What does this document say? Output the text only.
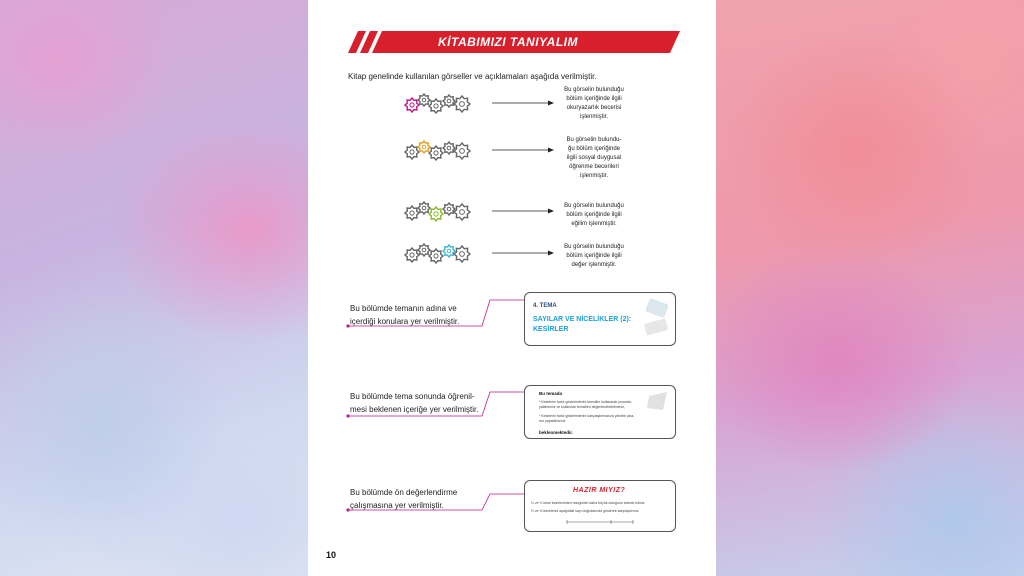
KİTABIMIZI TANIYALIM
Kitap genelinde kullanılan görseller ve açıklamaları aşağıda verilmiştir.
Bu görselin bulunduğu
bölüm içeriğinde ilgili
okuryazarlık becerisi
işlenmiştir.
Bu görselin bulundu-
ğu bölüm içeriğinde
ilgili sosyal duygusal
öğrenme becerileri
işlenmiştir.
Bu görselin bulunduğu
bölüm içeriğinde ilgili
eğilim işlenmiştir.
Bu görselin bulunduğu
bölüm içeriğinde ilgili
değer işlenmiştir.
Bu bölümde temanın adına ve
içerdiği konulara yer verilmiştir.
Bu bölümde tema sonunda öğrenil-
mesi beklenen içeriğe yer verilmiştir.
Bu bölümde ön değerlendirme
çalışmasına yer verilmiştir.
4. TEMA
SAYILAR VE NİCELİKLER (2):
KESİRLER
Bu temada
* Kesirlerin farklı gösterimlerini temsiller kullanarak yorumla-
yabilmeniz ve kullanılan temsilleri değerlendirebilmeniz,
* Kesirlerin farklı gösterimlerini karşılaştırmanıza yönelik çıka-
rım yapabilmeniz
beklenmektedir.
HAZIR MIYIZ?
¼ ve ⅔ kesir kesirlerinden hangisinin daha büyük olduğunu tahmin ediniz.
⅓ ve ⅝ kesirlerini aşağıdaki sayı doğrularında gösterek karşılaştırınız.
10
